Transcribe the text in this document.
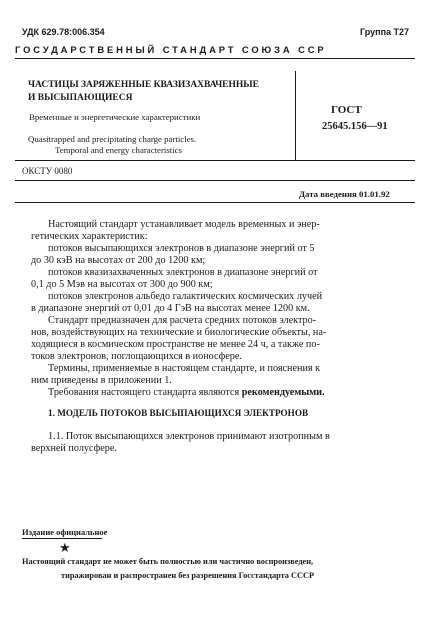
УДК 629.78:006.354	Группа Т27
ГОСУДАРСТВЕННЫЙ СТАНДАРТ СОЮЗА ССР
ЧАСТИЦЫ ЗАРЯЖЕННЫЕ КВАЗИЗАХВАЧЕННЫЕ
И ВЫСЫПАЮЩИЕСЯ
Временные и энергетические характеристики
Quasitrapped and precipitating charge particles.
Temporal and energy characteristics
ГОСТ
25645.156—91
ОКСТУ 0080
Дата введения 01.01.92

Настоящий стандарт устанавливает модель временных и энер-

гетических характеристик:

потоков высыпающихся электронов в диапазоне энергий от 5

до 30 кэВ на высотах от 200 до 1200 км;

потоков квазизахваченных электронов в диапазоне энергий от

0,1 до 5 Мэв на высотах от 300 до 900 км;

потоков электронов альбедо галактических космических лучей

в диапазоне энергий от 0,01 до 4 ГэВ на высотах менее 1200 км.

Стандарт предназначен для расчета средних потоков электро-

нов, воздействующих на технические и биологические объекты, на-

ходящиеся в космическом пространстве не менее 24 ч, а также по-

токов электронов, поглощающихся в ионосфере.

Термины, применяемые в настоящем стандарте, и пояснения к

ним приведены в приложении 1.

Требования настоящего стандарта являются рекомендуемыми.

1.1. Поток высыпающихся электронов принимают изотропным в

верхней полусфере.

1. МОДЕЛЬ ПОТОКОВ ВЫСЫПАЮЩИХСЯ ЭЛЕКТРОНОВ
Издание официальное
★
Настоящий стандарт не может быть полностью или частично воспроизведен,
тиражирован и распространен без разрешения Госстандарта СССР
